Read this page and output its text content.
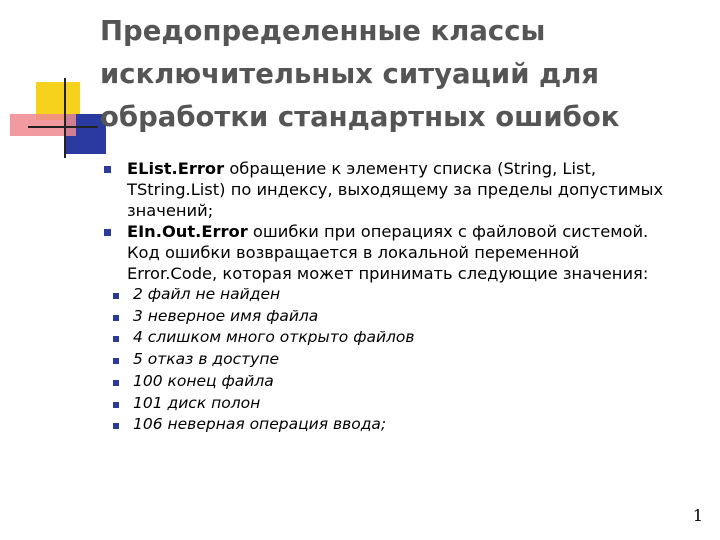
Предопределенные классы
исключительных ситуаций для
обработки стандартных ошибок
EList.Error обращение к элементу списка (String, List,
TString.List) по индексу, выходящему за пределы допустимых
значений;
EIn.Out.Error ошибки при операциях с файловой системой.
Код ошибки возвращается в локальной переменной
Error.Code, которая может принимать следующие значения:
2 файл не найден
3 неверное имя файла
4 слишком много открыто файлов
5 отказ в доступе
100 конец файла
101 диск полон
106 неверная операция ввода;
1
